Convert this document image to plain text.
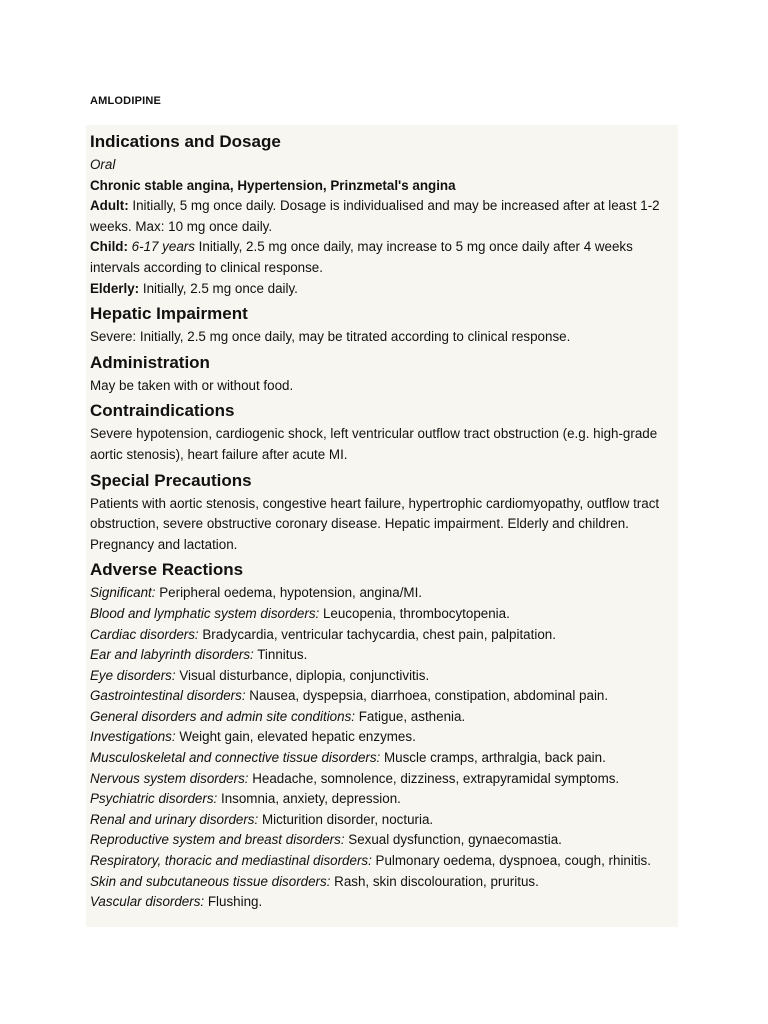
AMLODIPINE
Indications and Dosage

Oral

Chronic stable angina, Hypertension, Prinzmetal's angina

Adult: Initially, 5 mg once daily. Dosage is individualised and may be increased after at least 1-2 weeks. Max: 10 mg once daily.

Child: 6-17 years Initially, 2.5 mg once daily, may increase to 5 mg once daily after 4 weeks intervals according to clinical response.

Elderly: Initially, 2.5 mg once daily.

Hepatic Impairment

Severe: Initially, 2.5 mg once daily, may be titrated according to clinical response.

Administration

May be taken with or without food.

Contraindications

Severe hypotension, cardiogenic shock, left ventricular outflow tract obstruction (e.g. high-grade aortic stenosis), heart failure after acute MI.

Special Precautions

Patients with aortic stenosis, congestive heart failure, hypertrophic cardiomyopathy, outflow tract obstruction, severe obstructive coronary disease. Hepatic impairment. Elderly and children. Pregnancy and lactation.

Adverse Reactions

Significant: Peripheral oedema, hypotension, angina/MI.

Blood and lymphatic system disorders: Leucopenia, thrombocytopenia.

Cardiac disorders: Bradycardia, ventricular tachycardia, chest pain, palpitation.

Ear and labyrinth disorders: Tinnitus.

Eye disorders: Visual disturbance, diplopia, conjunctivitis.

Gastrointestinal disorders: Nausea, dyspepsia, diarrhoea, constipation, abdominal pain.

General disorders and admin site conditions: Fatigue, asthenia.

Investigations: Weight gain, elevated hepatic enzymes.

Musculoskeletal and connective tissue disorders: Muscle cramps, arthralgia, back pain.

Nervous system disorders: Headache, somnolence, dizziness, extrapyramidal symptoms.

Psychiatric disorders: Insomnia, anxiety, depression.

Renal and urinary disorders: Micturition disorder, nocturia.

Reproductive system and breast disorders: Sexual dysfunction, gynaecomastia.

Respiratory, thoracic and mediastinal disorders: Pulmonary oedema, dyspnoea, cough, rhinitis.

Skin and subcutaneous tissue disorders: Rash, skin discolouration, pruritus.

Vascular disorders: Flushing.
